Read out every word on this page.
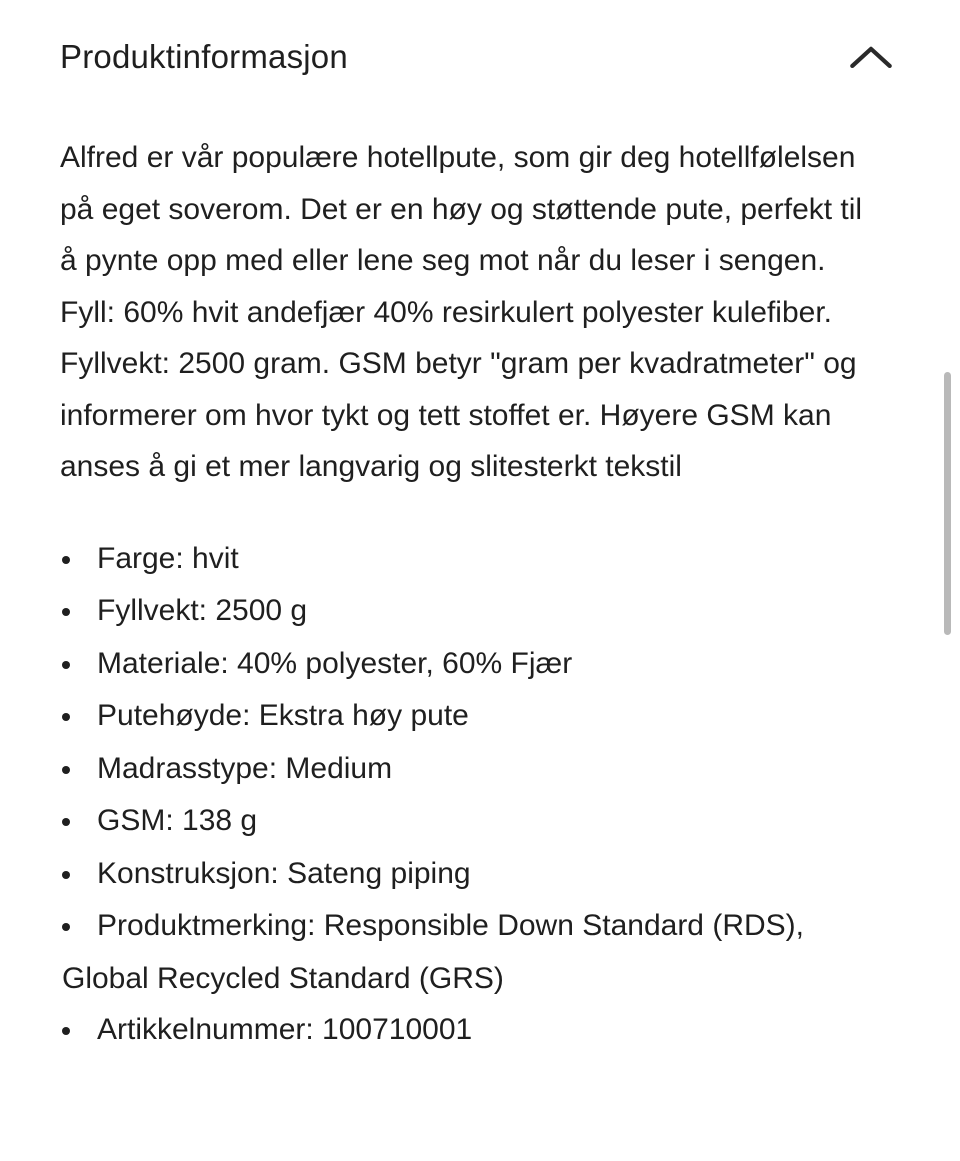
Produktinformasjon

Alfred er vår populære hotellpute, som gir deg hotellfølelsen på eget soverom. Det er en høy og støttende pute, perfekt til å pynte opp med eller lene seg mot når du leser i sengen. Fyll: 60% hvit andefjær 40% resirkulert polyester kulefiber. Fyllvekt: 2500 gram. GSM betyr "gram per kvadratmeter" og informerer om hvor tykt og tett stoffet er. Høyere GSM kan anses å gi et mer langvarig og slitesterkt tekstil

• Farge: hvit
• Fyllvekt: 2500 g
• Materiale: 40% polyester, 60% Fjær
• Putehøyde: Ekstra høy pute
• Madrasstype: Medium
• GSM: 138 g
• Konstruksjon: Sateng piping
• Produktmerking: Responsible Down Standard (RDS), Global Recycled Standard (GRS)
• Artikkelnummer: 100710001
